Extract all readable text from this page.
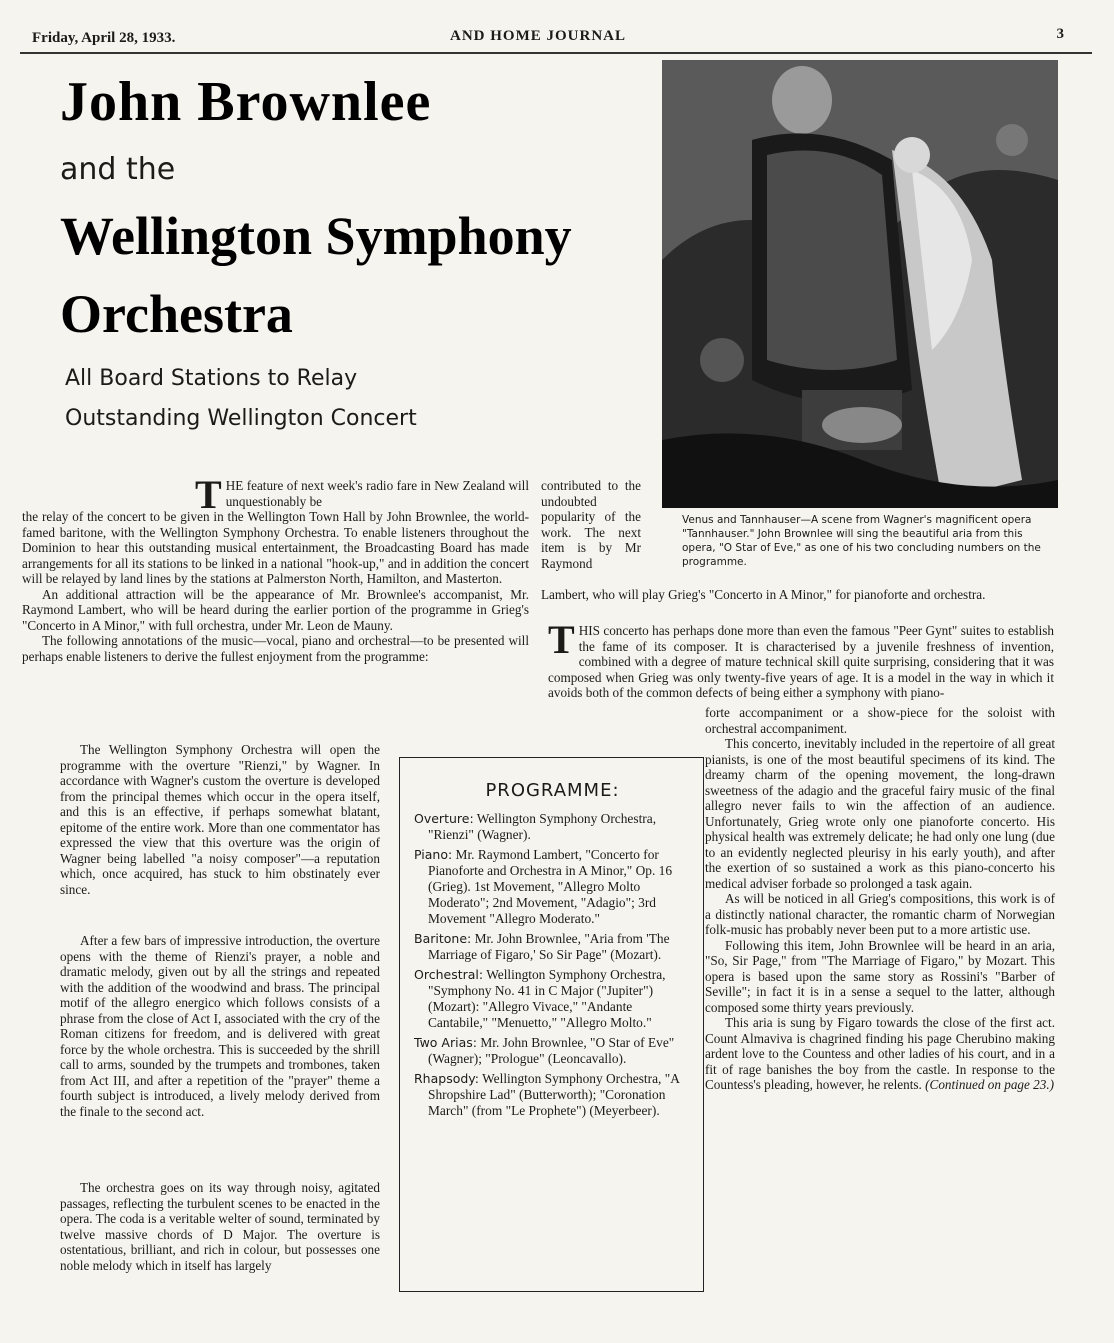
Friday, April 28, 1933.	AND HOME JOURNAL	3
John Brownlee
and the
Wellington Symphony
Orchestra
All Board Stations to Relay
Outstanding Wellington Concert
Venus and Tannhauser—A scene from Wagner's magnificent opera "Tannhauser." John Brownlee will sing the beautiful aria from this opera, "O Star of Eve," as one of his two concluding numbers on the programme.
T HE feature of next week's radio fare in New Zealand will unquestionably be

the relay of the concert to be given in the Wellington Town Hall by John Brownlee, the world-famed baritone, with the Wellington Symphony Orchestra. To enable listeners throughout the Dominion to hear this outstanding musical entertainment, the Broadcasting Board has made arrangements for all its stations to be linked in a national "hook-up," and in addition the concert will be relayed by land lines by the stations at Palmerston North, Hamilton, and Masterton.

An additional attraction will be the appearance of Mr. Brownlee's accompanist, Mr. Raymond Lambert, who will be heard during the earlier portion of the programme in Grieg's "Concerto in A Minor," with full orchestra, under Mr. Leon de Mauny.

The following annotations of the music—vocal, piano and orchestral—to be presented will perhaps enable listeners to derive the fullest enjoyment from the programme:

The Wellington Symphony Orchestra will open the programme with the overture "Rienzi," by Wagner. In accordance with Wagner's custom the overture is developed from the principal themes which occur in the opera itself, and this is an effective, if perhaps somewhat blatant, epitome of the entire work. More than one commentator has expressed the view that this overture was the origin of Wagner being labelled "a noisy composer"—a reputation which, once acquired, has stuck to him obstinately ever since.

After a few bars of impressive introduction, the overture opens with the theme of Rienzi's prayer, a noble and dramatic melody, given out by all the strings and repeated with the addition of the woodwind and brass. The principal motif of the allegro energico which follows consists of a phrase from the close of Act I, associated with the cry of the Roman citizens for freedom, and is delivered with great force by the whole orchestra. This is succeeded by the shrill call to arms, sounded by the trumpets and trombones, taken from Act III, and after a repetition of the "prayer" theme a fourth subject is introduced, a lively melody derived from the finale to the second act.

The orchestra goes on its way through noisy, agitated passages, reflecting the turbulent scenes to be enacted in the opera. The coda is a veritable welter of sound, terminated by twelve massive chords of D Major. The overture is ostentatious, brilliant, and rich in colour, but possesses one noble melody which in itself has largely

contributed to the undoubted popularity of the work. The next item is by Mr Raymond
Lambert, who will play Grieg's "Concerto in A Minor," for pianoforte and orchestra.
T HIS concerto has perhaps done more than even the famous "Peer Gynt" suites to establish the fame of its composer. It is characterised by a juvenile freshness of invention, combined with a degree of mature technical skill quite surprising, considering that it was composed when Grieg was only twenty-five years of age. It is a model in the way in which it avoids both of the common defects of being either a symphony with piano-

forte accompaniment or a show-piece for the soloist with orchestral accompaniment.

This concerto, inevitably included in the repertoire of all great pianists, is one of the most beautiful specimens of its kind. The dreamy charm of the opening movement, the long-drawn sweetness of the adagio and the graceful fairy music of the final allegro never fails to win the affection of an audience. Unfortunately, Grieg wrote only one pianoforte concerto. His physical health was extremely delicate; he had only one lung (due to an evidently neglected pleurisy in his early youth), and after the exertion of so sustained a work as this piano-concerto his medical adviser forbade so prolonged a task again.

As will be noticed in all Grieg's compositions, this work is of a distinctly national character, the romantic charm of Norwegian folk-music has probably never been put to a more artistic use.

Following this item, John Brownlee will be heard in an aria, "So, Sir Page," from "The Marriage of Figaro," by Mozart. This opera is based upon the same story as Rossini's "Barber of Seville"; in fact it is in a sense a sequel to the latter, although composed some thirty years previously.

This aria is sung by Figaro towards the close of the first act. Count Almaviva is chagrined finding his page Cherubino making ardent love to the Countess and other ladies of his court, and in a fit of rage banishes the boy from the castle. In response to the Countess's pleading, however, he relents. (Continued on page 23.)

PROGRAMME:
Overture: Wellington Symphony Orchestra, "Rienzi" (Wagner).
Piano: Mr. Raymond Lambert, "Concerto for Pianoforte and Orchestra in A Minor," Op. 16 (Grieg). 1st Movement, "Allegro Molto Moderato"; 2nd Movement, "Adagio"; 3rd Movement "Allegro Moderato."
Baritone: Mr. John Brownlee, "Aria from 'The Marriage of Figaro,' So Sir Page" (Mozart).
Orchestral: Wellington Symphony Orchestra, "Symphony No. 41 in C Major ("Jupiter") (Mozart): "Allegro Vivace," "Andante Cantabile," "Menuetto," "Allegro Molto."
Two Arias: Mr. John Brownlee, "O Star of Eve" (Wagner); "Prologue" (Leoncavallo).
Rhapsody: Wellington Symphony Orchestra, "A Shropshire Lad" (Butterworth); "Coronation March" (from "Le Prophete") (Meyerbeer).
